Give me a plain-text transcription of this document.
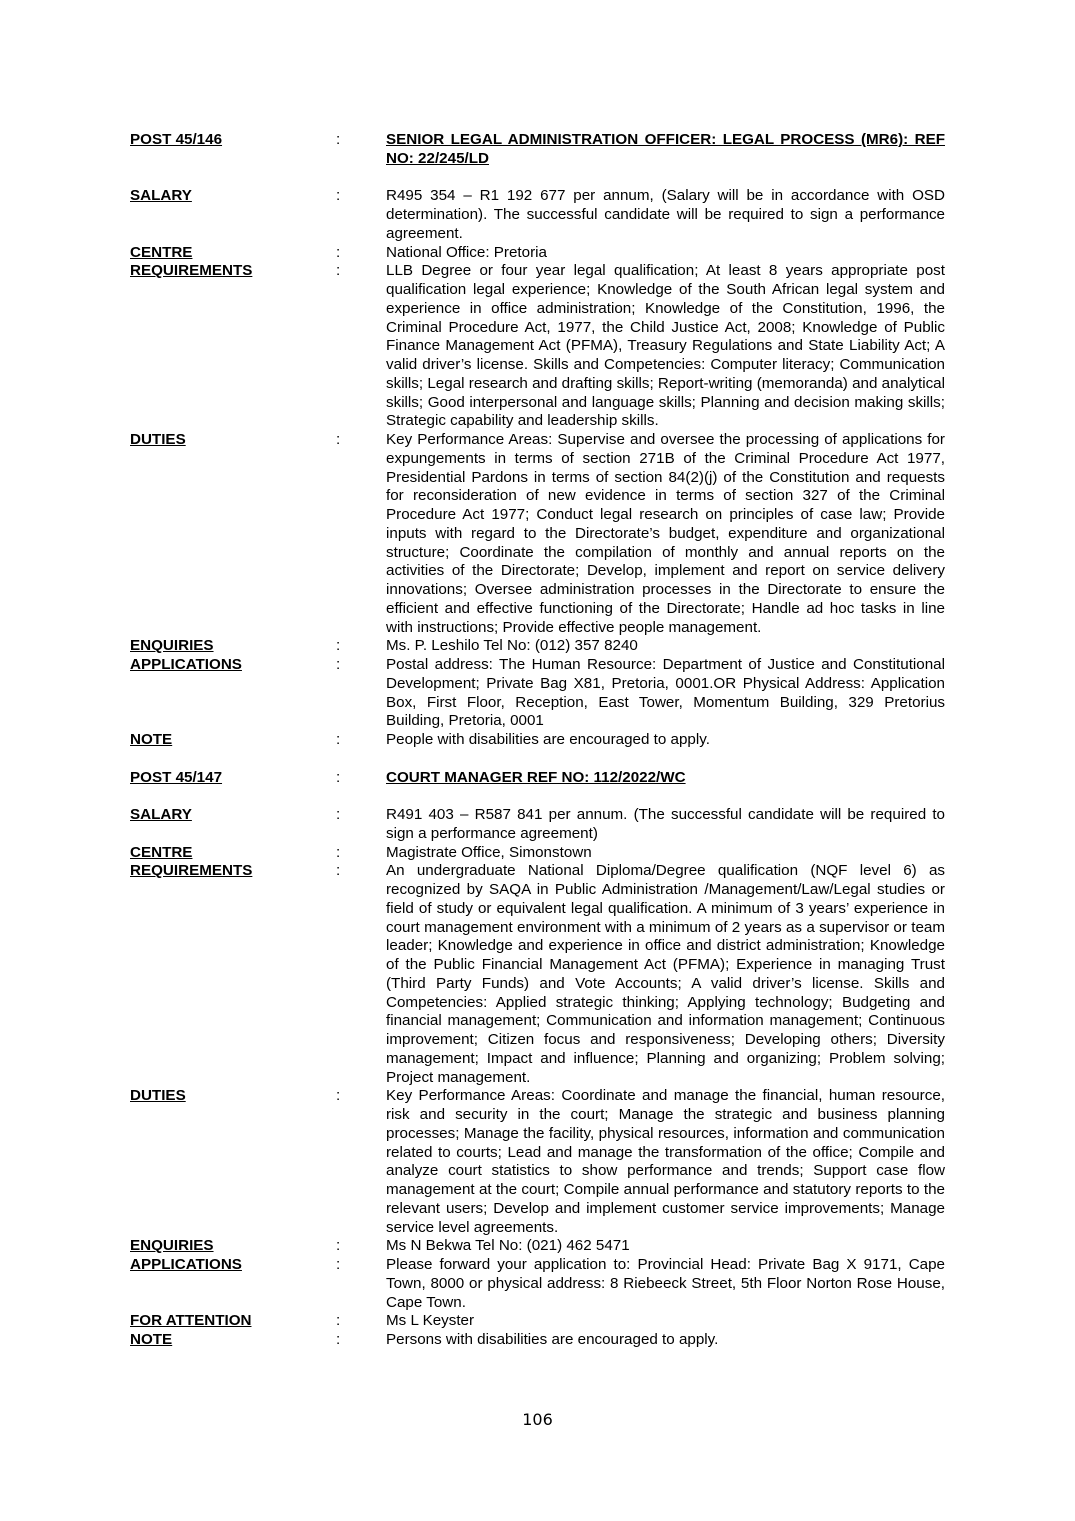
POST 45/146	:	SENIOR LEGAL ADMINISTRATION OFFICER: LEGAL PROCESS (MR6): REF NO: 22/245/LD
SALARY	:	R495 354 – R1 192 677 per annum, (Salary will be in accordance with OSD determination). The successful candidate will be required to sign a performance agreement.
CENTRE	:	National Office: Pretoria
REQUIREMENTS	:	LLB Degree or four year legal qualification; At least 8 years appropriate post qualification legal experience; Knowledge of the South African legal system and experience in office administration; Knowledge of the Constitution, 1996, the Criminal Procedure Act, 1977, the Child Justice Act, 2008; Knowledge of Public Finance Management Act (PFMA), Treasury Regulations and State Liability Act; A valid driver’s license. Skills and Competencies: Computer literacy; Communication skills; Legal research and drafting skills; Report-writing (memoranda) and analytical skills; Good interpersonal and language skills; Planning and decision making skills; Strategic capability and leadership skills.
DUTIES	:	Key Performance Areas: Supervise and oversee the processing of applications for expungements in terms of section 271B of the Criminal Procedure Act 1977, Presidential Pardons in terms of section 84(2)(j) of the Constitution and requests for reconsideration of new evidence in terms of section 327 of the Criminal Procedure Act 1977; Conduct legal research on principles of case law; Provide inputs with regard to the Directorate’s budget, expenditure and organizational structure; Coordinate the compilation of monthly and annual reports on the activities of the Directorate; Develop, implement and report on service delivery innovations; Oversee administration processes in the Directorate to ensure the efficient and effective functioning of the Directorate; Handle ad hoc tasks in line with instructions; Provide effective people management.
ENQUIRIES	:	Ms. P. Leshilo Tel No: (012) 357 8240
APPLICATIONS	:	Postal address: The Human Resource: Department of Justice and Constitutional Development; Private Bag X81, Pretoria, 0001.OR Physical Address: Application Box, First Floor, Reception, East Tower, Momentum Building, 329 Pretorius Building, Pretoria, 0001
NOTE	:	People with disabilities are encouraged to apply.
POST 45/147	:	COURT MANAGER REF NO: 112/2022/WC
SALARY	:	R491 403 – R587 841 per annum. (The successful candidate will be required to sign a performance agreement)
CENTRE	:	Magistrate Office, Simonstown
REQUIREMENTS	:	An undergraduate National Diploma/Degree qualification (NQF level 6) as recognized by SAQA in Public Administration /Management/Law/Legal studies or field of study or equivalent legal qualification. A minimum of 3 years’ experience in court management environment with a minimum of 2 years as a supervisor or team leader; Knowledge and experience in office and district administration; Knowledge of the Public Financial Management Act (PFMA); Experience in managing Trust (Third Party Funds) and Vote Accounts; A valid driver’s license. Skills and Competencies: Applied strategic thinking; Applying technology; Budgeting and financial management; Communication and information management; Continuous improvement; Citizen focus and responsiveness; Developing others; Diversity management; Impact and influence; Planning and organizing; Problem solving; Project management.
DUTIES	:	Key Performance Areas: Coordinate and manage the financial, human resource, risk and security in the court; Manage the strategic and business planning processes; Manage the facility, physical resources, information and communication related to courts; Lead and manage the transformation of the office; Compile and analyze court statistics to show performance and trends; Support case flow management at the court; Compile annual performance and statutory reports to the relevant users; Develop and implement customer service improvements; Manage service level agreements.
ENQUIRIES	:	Ms N Bekwa Tel No: (021) 462 5471
APPLICATIONS	:	Please forward your application to: Provincial Head: Private Bag X 9171, Cape Town, 8000 or physical address: 8 Riebeeck Street, 5th Floor Norton Rose House, Cape Town.
FOR ATTENTION	:	Ms L Keyster
NOTE	:	Persons with disabilities are encouraged to apply.
106
